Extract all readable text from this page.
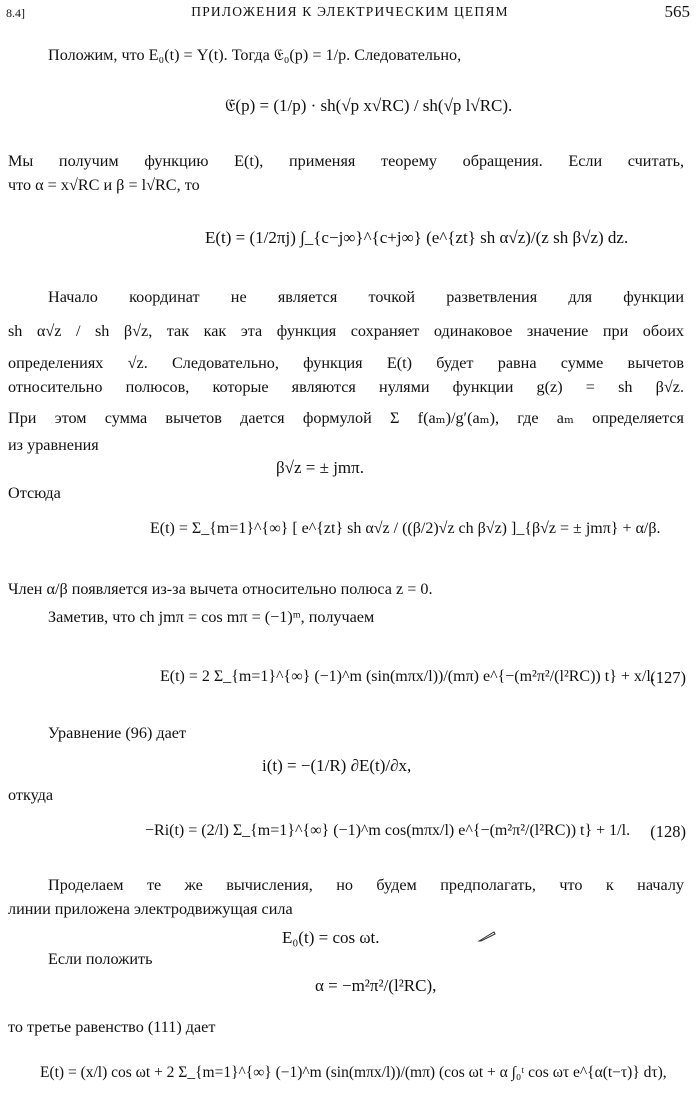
8.4]	ПРИЛОЖЕНИЯ К ЭЛЕКТРИЧЕСКИМ ЦЕПЯМ	565
Положим, что E₀(t) = Υ(t). Тогда 𝔈₀(p) = 1/p. Следовательно,
𝔈(p) = (1/p) · sh(√p x√RC) / sh(√p l√RC).
Мы получим функцию E(t), применяя теорему обращения. Если считать,
что α = x√RC и β = l√RC, то
E(t) = (1/2πj) ∫_{c−j∞}^{c+j∞} (e^{zt} sh α√z)/(z sh β√z) dz.
Начало координат не является точкой разветвления для функции
sh α√z / sh β√z, так как эта функция сохраняет одинаковое значение при обоих
определениях √z. Следовательно, функция E(t) будет равна сумме вычетов
относительно полюсов, которые являются нулями функции g(z) = sh β√z.
При этом сумма вычетов дается формулой Σ f(aₘ)/g′(aₘ), где aₘ определяется
из уравнения
β√z = ± jmπ.
Отсюда
E(t) = Σ_{m=1}^{∞} [ e^{zt} sh α√z / ((β/2)√z ch β√z) ]_{β√z = ± jmπ} + α/β.
Член α/β появляется из-за вычета относительно полюса z = 0.
Заметив, что ch jmπ = cos mπ = (−1)ᵐ, получаем
E(t) = 2 Σ_{m=1}^{∞} (−1)^m (sin(mπx/l))/(mπ) e^{−(m²π²/(l²RC)) t} + x/l.
(127)
Уравнение (96) дает
i(t) = −(1/R) ∂E(t)/∂x,
откуда
−Ri(t) = (2/l) Σ_{m=1}^{∞} (−1)^m cos(mπx/l) e^{−(m²π²/(l²RC)) t} + 1/l. (128)
Проделаем те же вычисления, но будем предполагать, что к началу
линии приложена электродвижущая сила
E₀(t) = cos ωt.
Если положить
α = −m²π²/(l²RC),
то третье равенство (111) дает
E(t) = (x/l) cos ωt + 2 Σ_{m=1}^{∞} (−1)^m (sin(mπx/l))/(mπ) (cos ωt + α ∫₀ᵗ cos ωτ e^{α(t−τ)} dτ),
